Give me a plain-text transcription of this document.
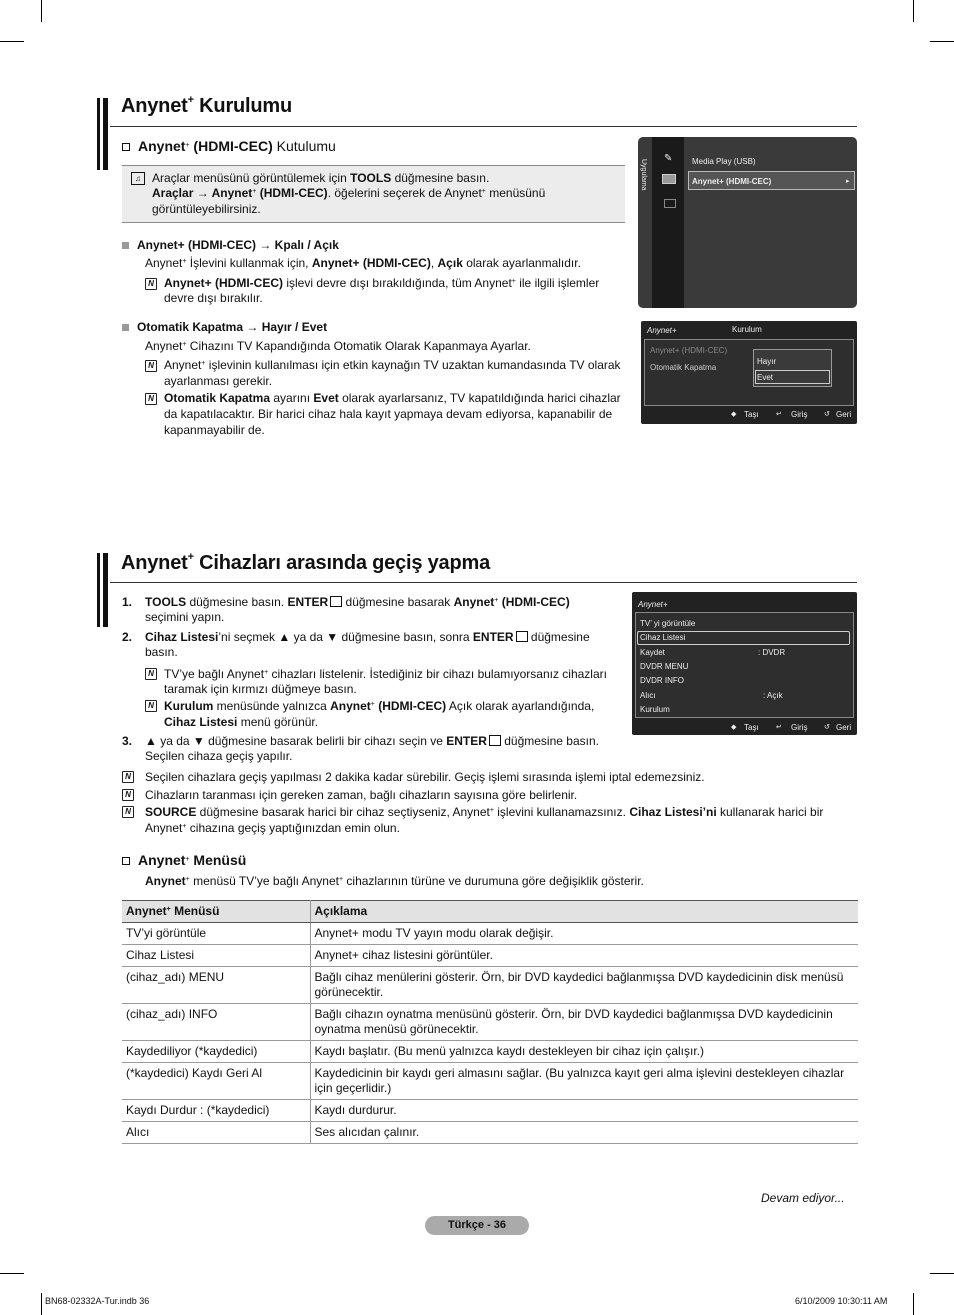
Anynet+ Kurulumu
Anynet+ (HDMI-CEC) Kutulumu
♫ Araçlar menüsünü görüntülemek için TOOLS düğmesine basın.
Araçlar → Anynet+ (HDMI-CEC). öğelerini seçerek de Anynet+ menüsünü
görüntüleyebilirsiniz.
Anynet+ (HDMI-CEC) → Kpalı / Açık
Anynet+ İşlevini kullanmak için, Anynet+ (HDMI-CEC), Açık olarak ayarlanmalıdır.
N Anynet+ (HDMI-CEC) işlevi devre dışı bırakıldığında, tüm Anynet+ ile ilgili işlemler
devre dışı bırakılır.
Otomatik Kapatma → Hayır / Evet
Anynet+ Cihazını TV Kapandığında Otomatik Olarak Kapanmaya Ayarlar.
N Anynet+ işlevinin kullanılması için etkin kaynağın TV uzaktan kumandasında TV olarak
ayarlanması gerekir.
N Otomatik Kapatma ayarını Evet olarak ayarlarsanız, TV kapatıldığında harici cihazlar
da kapatılacaktır. Bir harici cihaz hala kayıt yapmaya devam ediyorsa, kapanabilir de
kapanmayabilir de.
Uygulama
✎ Media Play (USB)
Anynet+ (HDMI-CEC)	▸
Anynet+	Kurulum
Anynet+ (HDMI-CEC)
Otomatik Kapatma
Hayır
Evet
◆ Taşı ↵ Giriş ↺ Geri
Anynet+ Cihazları arasında geçiş yapma
1. TOOLS düğmesine basın. ENTER düğmesine basarak Anynet+ (HDMI-CEC)
seçimini yapın.
2. Cihaz Listesi’ni seçmek ▲ ya da ▼ düğmesine basın, sonra ENTER düğmesine
basın.
N TV’ye bağlı Anynet+ cihazları listelenir. İstediğiniz bir cihazı bulamıyorsanız cihazları
taramak için kırmızı düğmeye basın.
N Kurulum menüsünde yalnızca Anynet+ (HDMI-CEC) Açık olarak ayarlandığında,
Cihaz Listesi menü görünür.
3. ▲ ya da ▼ düğmesine basarak belirli bir cihazı seçin ve ENTER düğmesine basın.
Seçilen cihaza geçiş yapılır.
N Seçilen cihazlara geçiş yapılması 2 dakika kadar sürebilir. Geçiş işlemi sırasında işlemi iptal edemezsiniz.
N Cihazların taranması için gereken zaman, bağlı cihazların sayısına göre belirlenir.
N SOURCE düğmesine basarak harici bir cihaz seçtiyseniz, Anynet+ işlevini kullanamazsınız. Cihaz Listesi’ni kullanarak harici bir
Anynet+ cihazına geçiş yaptığınızdan emin olun.
Anynet+ Menüsü
Anynet+ menüsü TV’ye bağlı Anynet+ cihazlarının türüne ve durumuna göre değişiklik gösterir.
Anynet+
TV’ yi görüntüle
Cihaz Listesi
Kaydet	: DVDR
DVDR MENU
DVDR INFO
Alıcı	: Açık
Kurulum
◆ Taşı ↵ Giriş ↺ Geri
Anynet+ Menüsü	Açıklama
TV’yi görüntüle	Anynet+ modu TV yayın modu olarak değişir.
Cihaz Listesi	Anynet+ cihaz listesini görüntüler.
(cihaz_adı) MENU	Bağlı cihaz menülerini gösterir. Örn, bir DVD kaydedici bağlanmışsa DVD kaydedicinin disk menüsü görünecektir.
(cihaz_adı) INFO	Bağlı cihazın oynatma menüsünü gösterir. Örn, bir DVD kaydedici bağlanmışsa DVD kaydedicinin oynatma menüsü görünecektir.
Kaydediliyor (*kaydedici)	Kaydı başlatır. (Bu menü yalnızca kaydı destekleyen bir cihaz için çalışır.)
(*kaydedici) Kaydı Geri Al	Kaydedicinin bir kaydı geri almasını sağlar. (Bu yalnızca kayıt geri alma işlevini destekleyen cihazlar için geçerlidir.)
Kaydı Durdur : (*kaydedici)	Kaydı durdurur.
Alıcı	Ses alıcıdan çalınır.
Devam ediyor...
Türkçe - 36
BN68-02332A-Tur.indb 36	6/10/2009 10:30:11 AM
